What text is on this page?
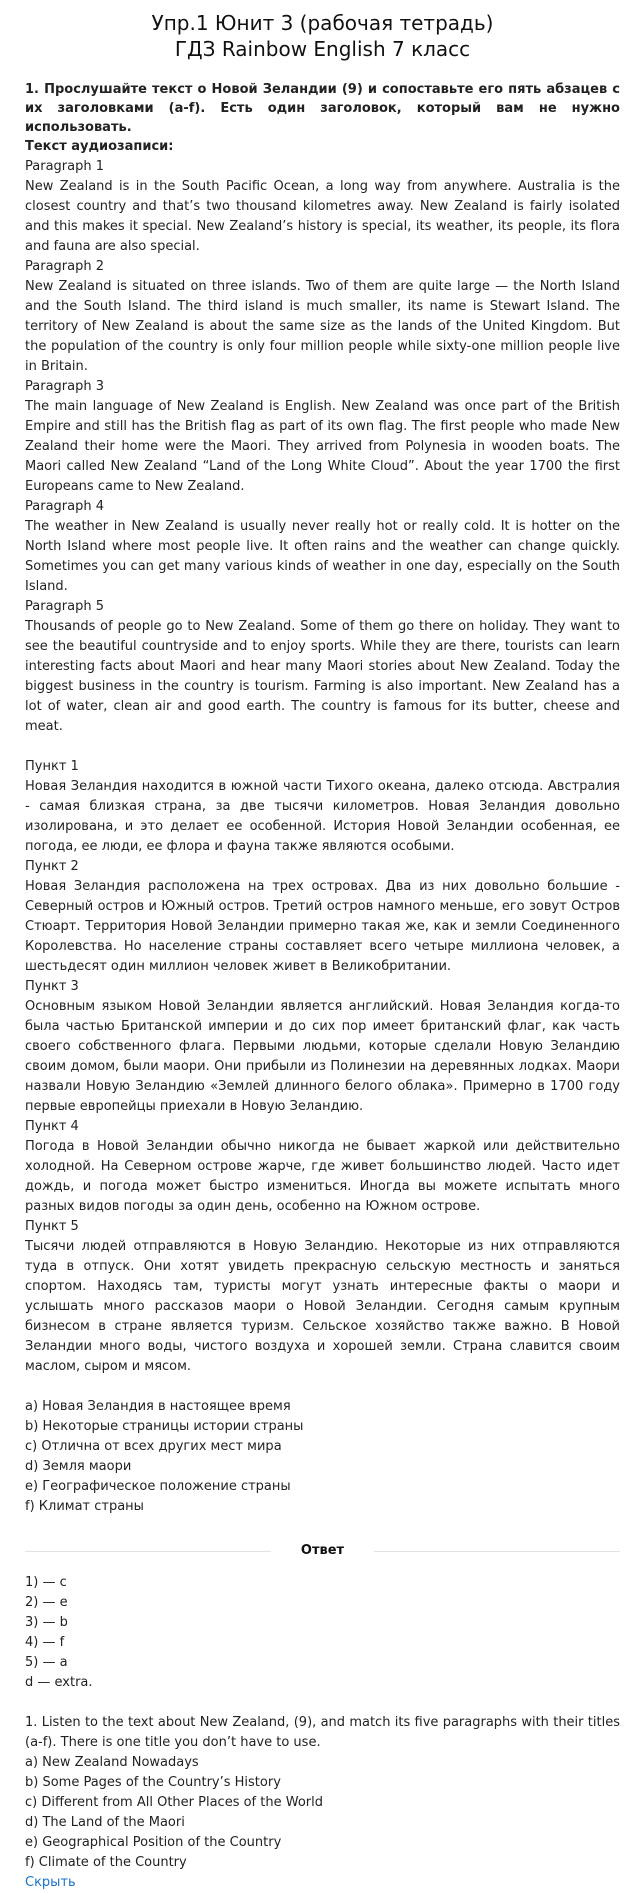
Упр.1 Юнит 3 (рабочая тетрадь)
ГДЗ Rainbow English 7 класс

1. Прослушайте текст о Новой Зеландии (9) и сопоставьте его пять абзацев с их заголовками (a-f). Есть один заголовок, который вам не нужно использовать.

Текст аудиозаписи:
Paragraph 1

New Zealand is in the South Pacific Ocean, a long way from anywhere. Australia is the closest country and that’s two thousand kilometres away. New Zealand is fairly isolated and this makes it special. New Zealand’s history is special, its weather, its people, its flora and fauna are also special.

Paragraph 2

New Zealand is situated on three islands. Two of them are quite large — the North Island and the South Island. The third island is much smaller, its name is Stewart Island. The territory of New Zealand is about the same size as the lands of the United Kingdom. But the population of the country is only four million people while sixty-one million people live in Britain.

Paragraph 3

The main language of New Zealand is English. New Zealand was once part of the British Empire and still has the British flag as part of its own flag. The first people who made New Zealand their home were the Maori. They arrived from Polynesia in wooden boats. The Maori called New Zealand “Land of the Long White Cloud”. About the year 1700 the first Europeans came to New Zealand.

Paragraph 4

The weather in New Zealand is usually never really hot or really cold. It is hotter on the North Island where most people live. It often rains and the weather can change quickly. Sometimes you can get many various kinds of weather in one day, especially on the South Island.

Paragraph 5

Thousands of people go to New Zealand. Some of them go there on holiday. They want to see the beautiful countryside and to enjoy sports. While they are there, tourists can learn interesting facts about Maori and hear many Maori stories about New Zealand. Today the biggest business in the country is tourism. Farming is also important. New Zealand has a lot of water, clean air and good earth. The country is famous for its butter, cheese and meat.

Пункт 1

Новая Зеландия находится в южной части Тихого океана, далеко отсюда. Австралия - самая близкая страна, за две тысячи километров. Новая Зеландия довольно изолирована, и это делает ее особенной. История Новой Зеландии особенная, ее погода, ее люди, ее флора и фауна также являются особыми.

Пункт 2

Новая Зеландия расположена на трех островах. Два из них довольно большие - Северный остров и Южный остров. Третий остров намного меньше, его зовут Остров Стюарт. Территория Новой Зеландии примерно такая же, как и земли Соединенного Королевства. Но население страны составляет всего четыре миллиона человек, а шестьдесят один миллион человек живет в Великобритании.

Пункт 3

Основным языком Новой Зеландии является английский. Новая Зеландия когда-то была частью Британской империи и до сих пор имеет британский флаг, как часть своего собственного флага. Первыми людьми, которые сделали Новую Зеландию своим домом, были маори. Они прибыли из Полинезии на деревянных лодках. Маори назвали Новую Зеландию «Землей длинного белого облака». Примерно в 1700 году первые европейцы приехали в Новую Зеландию.

Пункт 4

Погода в Новой Зеландии обычно никогда не бывает жаркой или действительно холодной. На Северном острове жарче, где живет большинство людей. Часто идет дождь, и погода может быстро измениться. Иногда вы можете испытать много разных видов погоды за один день, особенно на Южном острове.

Пункт 5

Тысячи людей отправляются в Новую Зеландию. Некоторые из них отправляются туда в отпуск. Они хотят увидеть прекрасную сельскую местность и заняться спортом. Находясь там, туристы могут узнать интересные факты о маори и услышать много рассказов маори о Новой Зеландии. Сегодня самым крупным бизнесом в стране является туризм. Сельское хозяйство также важно. В Новой Зеландии много воды, чистого воздуха и хорошей земли. Страна славится своим маслом, сыром и мясом.

a) Новая Зеландия в настоящее время
b) Некоторые страницы истории страны
c) Отлична от всех других мест мира
d) Земля маори
e) Географическое положение страны
f) Климат страны
Ответ
1) — c
2) — e
3) — b
4) — f
5) — a
d — extra.

1. Listen to the text about New Zealand, (9), and match its five paragraphs with their titles (a-f). There is one title you don’t have to use.

a) New Zealand Nowadays
b) Some Pages of the Country’s History
c) Different from All Other Places of the World
d) The Land of the Maori
e) Geographical Position of the Country
f) Climate of the Country
Скрыть
